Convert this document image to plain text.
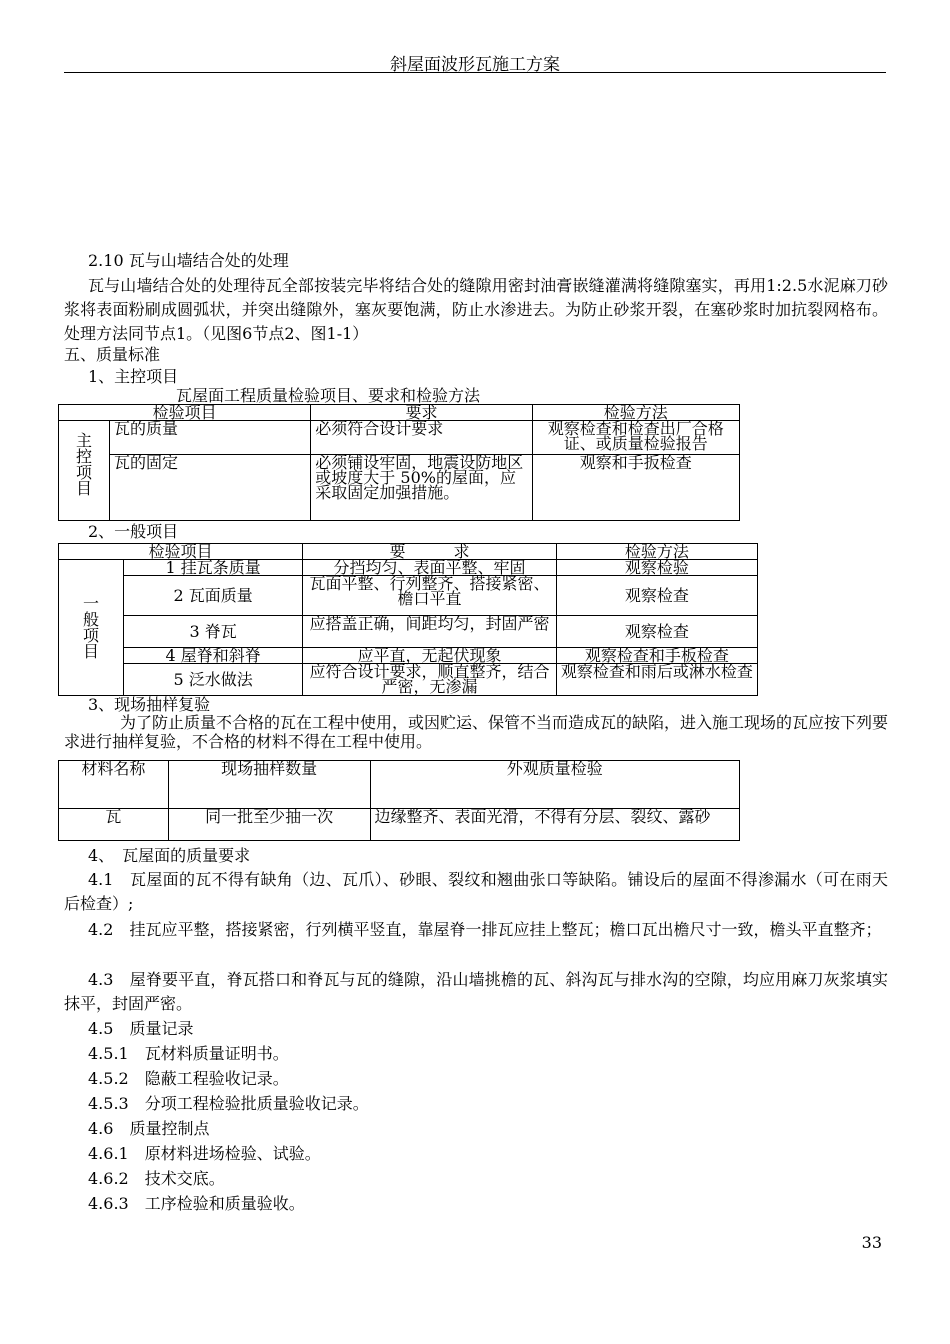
斜屋面波形瓦施工方案
2.10 瓦与山墙结合处的处理
瓦与山墙结合处的处理待瓦全部按装完毕将结合处的缝隙用密封油膏嵌缝灌满将缝隙塞实，再用1:2.5水泥麻刀砂浆将表面粉刷成圆弧状，并突出缝隙外，塞灰要饱满，防止水渗进去。为防止砂浆开裂，在塞砂浆时加抗裂网格布。处理方法同节点1。（见图6节点2、图1-1）
五、质量标准
1、主控项目
瓦屋面工程质量检验项目、要求和检验方法
检验项目		要求	检验方法
主控项目	瓦的质量	必须符合设计要求	观察检查和检查出厂合格证、或质量检验报告
	瓦的固定	必须铺设牢固，地震设防地区或坡度大于 50%的屋面，应采取固定加强措施。	观察和手扳检查
2、一般项目
检验项目		要　　　求	检验方法
一般项目	1 挂瓦条质量	分挡均匀、表面平整、牢固	观察检验
	2 瓦面质量	瓦面平整、行列整齐、搭接紧密、檐口平直	观察检查
	3 脊瓦	应搭盖正确，间距均匀，封固严密	观察检查
	4 屋脊和斜脊	应平直，无起伏现象	观察检查和手板检查
	5 泛水做法	应符合设计要求，顺直整齐，结合严密，无渗漏	观察检查和雨后或淋水检查
3、现场抽样复验
为了防止质量不合格的瓦在工程中使用，或因贮运、保管不当而造成瓦的缺陷，进入施工现场的瓦应按下列要求进行抽样复验，不合格的材料不得在工程中使用。
材料名称	现场抽样数量	外观质量检验
瓦	同一批至少抽一次	边缘整齐、表面光滑，不得有分层、裂纹、露砂
4、　瓦屋面的质量要求
4.1　瓦屋面的瓦不得有缺角（边、瓦爪）、砂眼、裂纹和翘曲张口等缺陷。铺设后的屋面不得渗漏水（可在雨天后检查）;
4.2　挂瓦应平整，搭接紧密，行列横平竖直，靠屋脊一排瓦应挂上整瓦；檐口瓦出檐尺寸一致，檐头平直整齐；
4.3　屋脊要平直，脊瓦搭口和脊瓦与瓦的缝隙，沿山墙挑檐的瓦、斜沟瓦与排水沟的空隙，均应用麻刀灰浆填实抹平，封固严密。
4.5　质量记录
4.5.1　瓦材料质量证明书。
4.5.2　隐蔽工程验收记录。
4.5.3　分项工程检验批质量验收记录。
4.6　质量控制点
4.6.1　原材料进场检验、试验。
4.6.2　技术交底。
4.6.3　工序检验和质量验收。
33
